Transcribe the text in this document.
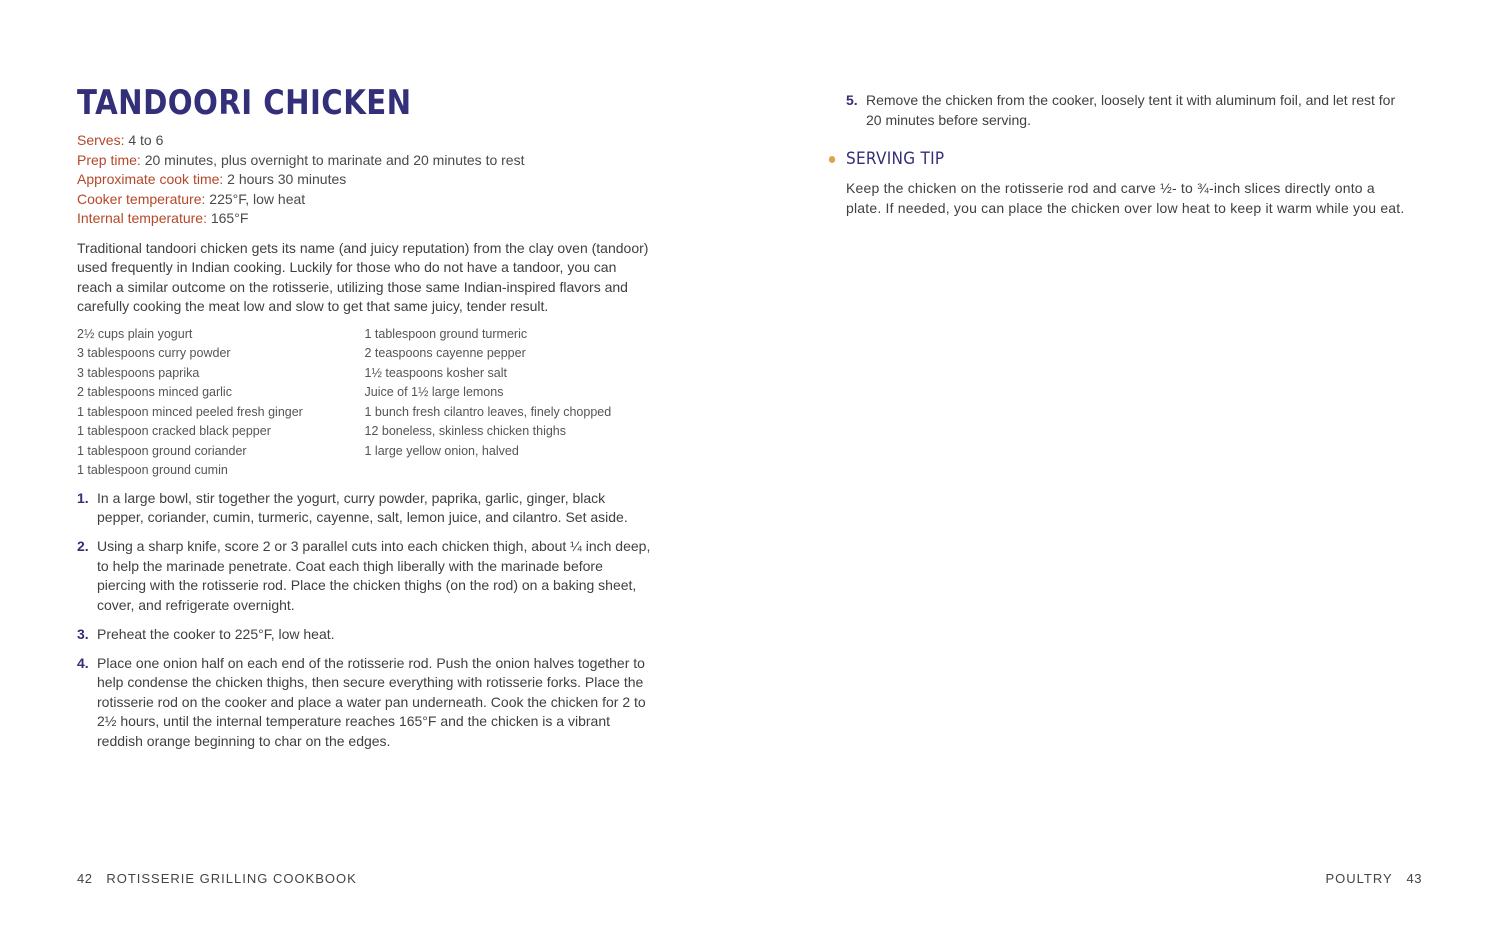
TANDOORI CHICKEN
Serves: 4 to 6
Prep time: 20 minutes, plus overnight to marinate and 20 minutes to rest
Approximate cook time: 2 hours 30 minutes
Cooker temperature: 225°F, low heat
Internal temperature: 165°F

Traditional tandoori chicken gets its name (and juicy reputation) from the clay oven (tandoor) used frequently in Indian cooking. Luckily for those who do not have a tandoor, you can reach a similar outcome on the rotisserie, utilizing those same Indian-inspired flavors and carefully cooking the meat low and slow to get that same juicy, tender result.

2½ cups plain yogurt
3 tablespoons curry powder
3 tablespoons paprika
2 tablespoons minced garlic
1 tablespoon minced peeled fresh ginger
1 tablespoon cracked black pepper
1 tablespoon ground coriander
1 tablespoon ground cumin
1 tablespoon ground turmeric
2 teaspoons cayenne pepper
1½ teaspoons kosher salt
Juice of 1½ large lemons
1 bunch fresh cilantro leaves, finely chopped
12 boneless, skinless chicken thighs
1 large yellow onion, halved
1. In a large bowl, stir together the yogurt, curry powder, paprika, garlic, ginger, black pepper, coriander, cumin, turmeric, cayenne, salt, lemon juice, and cilantro. Set aside.
2. Using a sharp knife, score 2 or 3 parallel cuts into each chicken thigh, about ¼ inch deep, to help the marinade penetrate. Coat each thigh liberally with the marinade before piercing with the rotisserie rod. Place the chicken thighs (on the rod) on a baking sheet, cover, and refrigerate overnight.
3. Preheat the cooker to 225°F, low heat.
4. Place one onion half on each end of the rotisserie rod. Push the onion halves together to help condense the chicken thighs, then secure everything with rotisserie forks. Place the rotisserie rod on the cooker and place a water pan underneath. Cook the chicken for 2 to 2½ hours, until the internal temperature reaches 165°F and the chicken is a vibrant reddish orange beginning to char on the edges.
5. Remove the chicken from the cooker, loosely tent it with aluminum foil, and let rest for 20 minutes before serving.
SERVING TIP
Keep the chicken on the rotisserie rod and carve ½- to ¾-inch slices directly onto a plate. If needed, you can place the chicken over low heat to keep it warm while you eat.
42 ROTISSERIE GRILLING COOKBOOK	POULTRY 43
